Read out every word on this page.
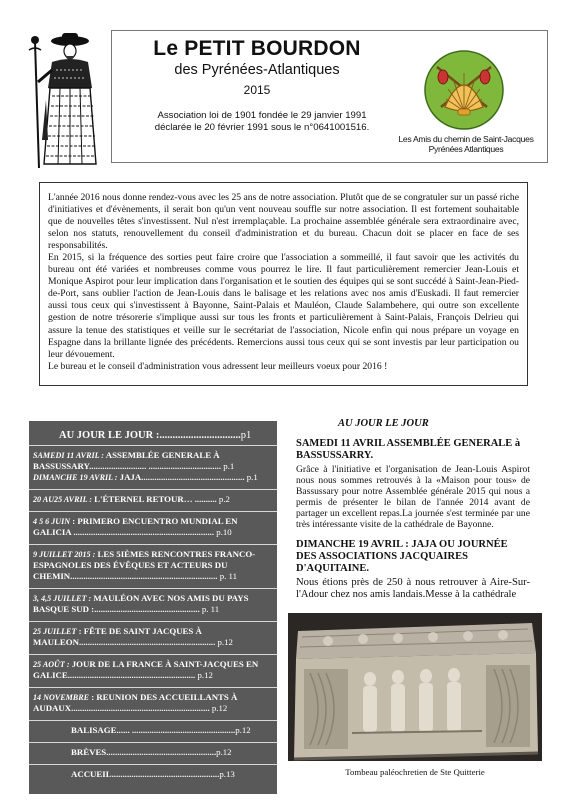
Le PETIT BOURDON
des Pyrénées-Atlantiques
2015
Association loi de 1901 fondée le 29 janvier 1991
déclarée le 20 février 1991 sous le n°0641001516.
Les Amis du chemin de Saint-Jacques
Pyrénées Atlantiques

L'année 2016 nous donne rendez-vous avec les 25 ans de notre association. Plutôt que de se congratuler sur un passé riche d'initiatives et d'évènements, il serait bon qu'un vent nouveau souffle sur notre association. Il est fortement souhaitable que de nouvelles têtes s'investissent. Nul n'est irremplaçable. La prochaine assemblée générale sera extraordinaire avec, selon nos statuts, renouvellement du conseil d'administration et du bureau. Chacun doit se placer en face de ses responsabilités.

En 2015, si la fréquence des sorties peut faire croire que l'association a sommeillé, il faut savoir que les activités du bureau ont été variées et nombreuses comme vous pourrez le lire. Il faut particulièrement remercier Jean-Louis et Monique Aspirot pour leur implication dans l'organisation et le soutien des équipes qui se sont succédé à Saint-Jean-Pied-de-Port, sans oublier l'action de Jean-Louis dans le balisage et les relations avec nos amis d'Euskadi. Il faut remercier aussi tous ceux qui s'investissent à Bayonne, Saint-Palais et Mauléon, Claude Salambehere, qui outre son excellente gestion de notre trésorerie s'implique aussi sur tous les fronts et particulièrement à Saint-Palais, François Delrieu qui assure la tenue des statistiques et veille sur le secrétariat de l'association, Nicole enfin qui nous prépare un voyage en Espagne dans la brillante lignée des précédents. Remercions aussi tous ceux qui se sont investis par leur participation ou leur dévouement.

Le bureau et le conseil d'administration vous adressent leur meilleurs voeux pour 2016 !

AU JOUR LE JOUR :...............................p1
SAMEDI 11 AVRIL : ASSEMBLÉE GENERALE À BASSUSSARY.......................... ................................. p.1
DIMANCHE 19 AVRIL : JAJA............................................... p.1
20 AU25 AVRIL : L'ÉTERNEL RETOUR… .......... p.2
4 5 6 JUIN : PRIMERO ENCUENTRO MUNDIAL EN GALICIA ................................................................ p.10
9 JUILLET 2015 : LES 5IÈMES RENCONTRES FRANCO-ESPAGNOLES DES ÉVÊQUES ET ACTEURS DU CHEMIN................................................................... p. 11
3, 4,5 JUILLET : MAULÉON AVEC NOS AMIS DU PAYS BASQUE SUD :................................................ p. 11
25 JUILLET : FÊTE DE SAINT JACQUES À MAULEON.............................................................. p.12
25 AOÛT : JOUR DE LA FRANCE À SAINT-JACQUES EN GALICE.......................................................... p.12
14 NOVEMBRE : REUNION DES ACCUEILLANTS À AUDAUX............................................................... p.12
BALISAGE...... ...............................................p.12
BRÈVES..................................................p.12
ACCUEIL.................................................p.13
AU JOUR LE JOUR
SAMEDI 11 AVRIL ASSEMBLÉE GENERALE à BASSUSSARRY.
Grâce à l'initiative et l'organisation de Jean-Louis Aspirot nous nous sommes retrouvés à la «Maison pour tous» de Bassussary pour notre Assemblée générale 2015 qui nous a permis de présenter le bilan de l'année 2014 avant de partager un excellent repas.La journée s'est terminée par une très intéressante visite de la cathédrale de Bayonne.
DIMANCHE 19 AVRIL : JAJA OU JOURNÉE DES ASSOCIATIONS JACQUAIRES D'AQUITAINE.
Nous étions près de 250 à nous retrouver à Aire-Sur-l'Adour chez nos amis landais.Messe à la cathédrale
Tombeau paléochretien de Ste Quitterie
